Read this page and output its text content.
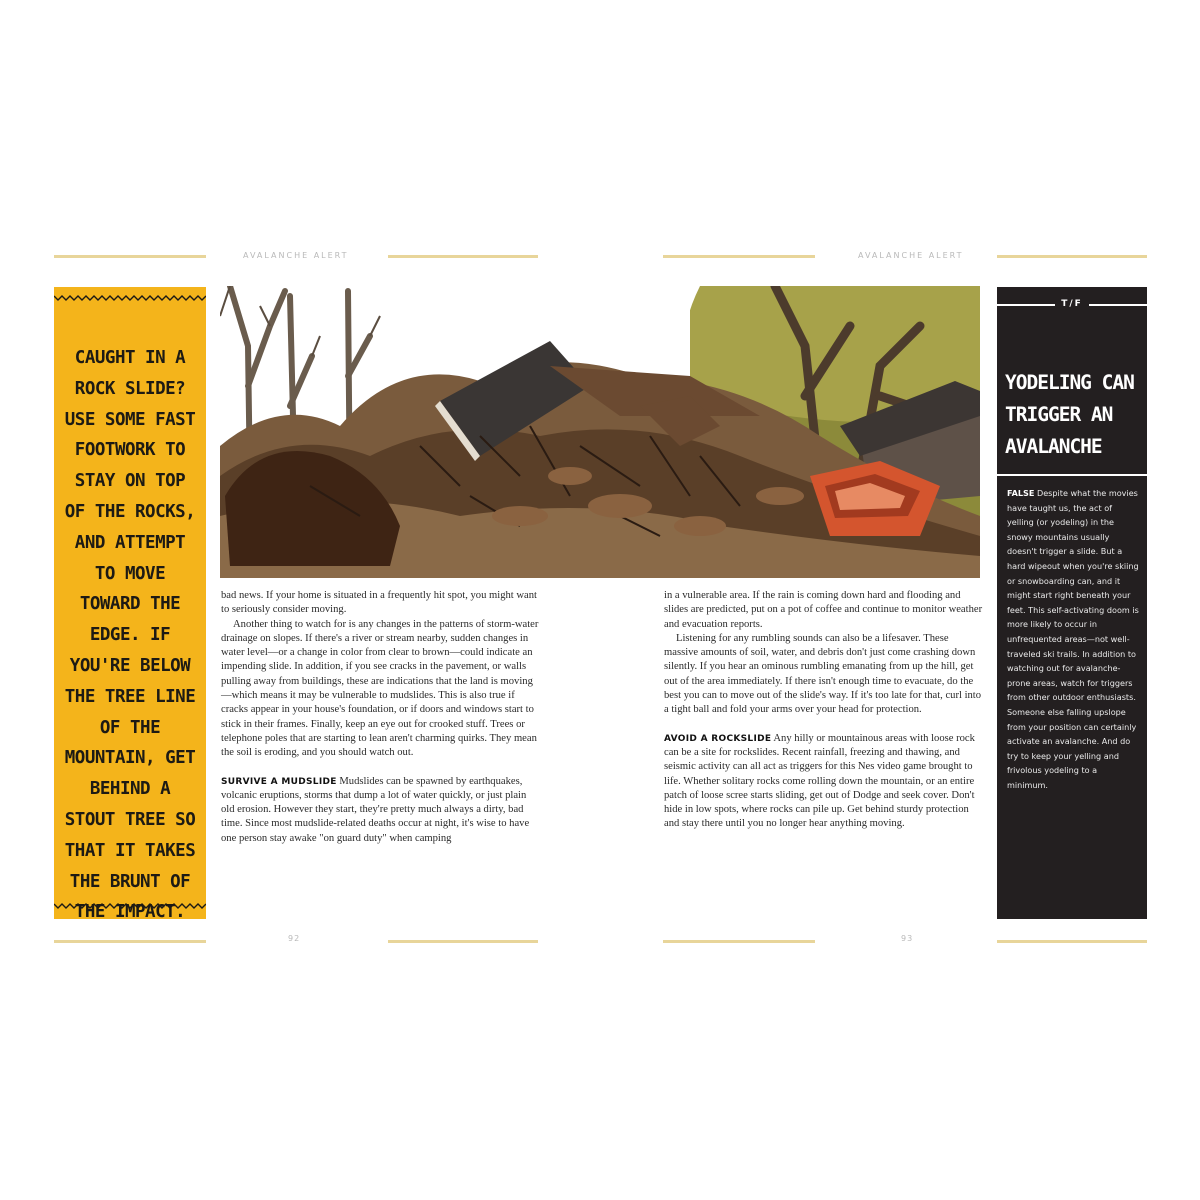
AVALANCHE ALERT	AVALANCHE ALERT
CAUGHT IN A ROCK SLIDE? USE SOME FAST FOOTWORK TO STAY ON TOP OF THE ROCKS, AND ATTEMPT TO MOVE TOWARD THE EDGE. IF YOU'RE BELOW THE TREE LINE OF THE MOUNTAIN, GET BEHIND A STOUT TREE SO THAT IT TAKES THE BRUNT OF THE IMPACT.

bad news. If your home is situated in a frequently hit spot, you might want to seriously consider moving.

Another thing to watch for is any changes in the patterns of storm-water drainage on slopes. If there's a river or stream nearby, sudden changes in water level—or a change in color from clear to brown—could indicate an impending slide. In addition, if you see cracks in the pavement, or walls pulling away from buildings, these are indications that the land is moving—which means it may be vulnerable to mudslides. This is also true if cracks appear in your house's foundation, or if doors and windows start to stick in their frames. Finally, keep an eye out for crooked stuff. Trees or telephone poles that are starting to lean aren't charming quirks. They mean the soil is eroding, and you should watch out.

SURVIVE A MUDSLIDE Mudslides can be spawned by earthquakes, volcanic eruptions, storms that dump a lot of water quickly, or just plain old erosion. However they start, they're pretty much always a dirty, bad time. Since most mudslide-related deaths occur at night, it's wise to have one person stay awake "on guard duty" when camping

in a vulnerable area. If the rain is coming down hard and flooding and slides are predicted, put on a pot of coffee and continue to monitor weather and evacuation reports.

Listening for any rumbling sounds can also be a lifesaver. These massive amounts of soil, water, and debris don't just come crashing down silently. If you hear an ominous rumbling emanating from up the hill, get out of the area immediately. If there isn't enough time to evacuate, do the best you can to move out of the slide's way. If it's too late for that, curl into a tight ball and fold your arms over your head for protection.

AVOID A ROCKSLIDE Any hilly or mountainous areas with loose rock can be a site for rockslides. Recent rainfall, freezing and thawing, and seismic activity can all act as triggers for this Nes video game brought to life. Whether solitary rocks come rolling down the mountain, or an entire patch of loose scree starts sliding, get out of Dodge and seek cover. Don't hide in low spots, where rocks can pile up. Get behind sturdy protection and stay there until you no longer hear anything moving.

T/F
YODELING CAN TRIGGER AN AVALANCHE
FALSE Despite what the movies have taught us, the act of yelling (or yodeling) in the snowy mountains usually doesn't trigger a slide. But a hard wipeout when you're skiing or snowboarding can, and it might start right beneath your feet. This self-activating doom is more likely to occur in unfrequented areas—not well-traveled ski trails. In addition to watching out for avalanche-prone areas, watch for triggers from other outdoor enthusiasts. Someone else falling upslope from your position can certainly activate an avalanche. And do try to keep your yelling and frivolous yodeling to a minimum.
92	93
